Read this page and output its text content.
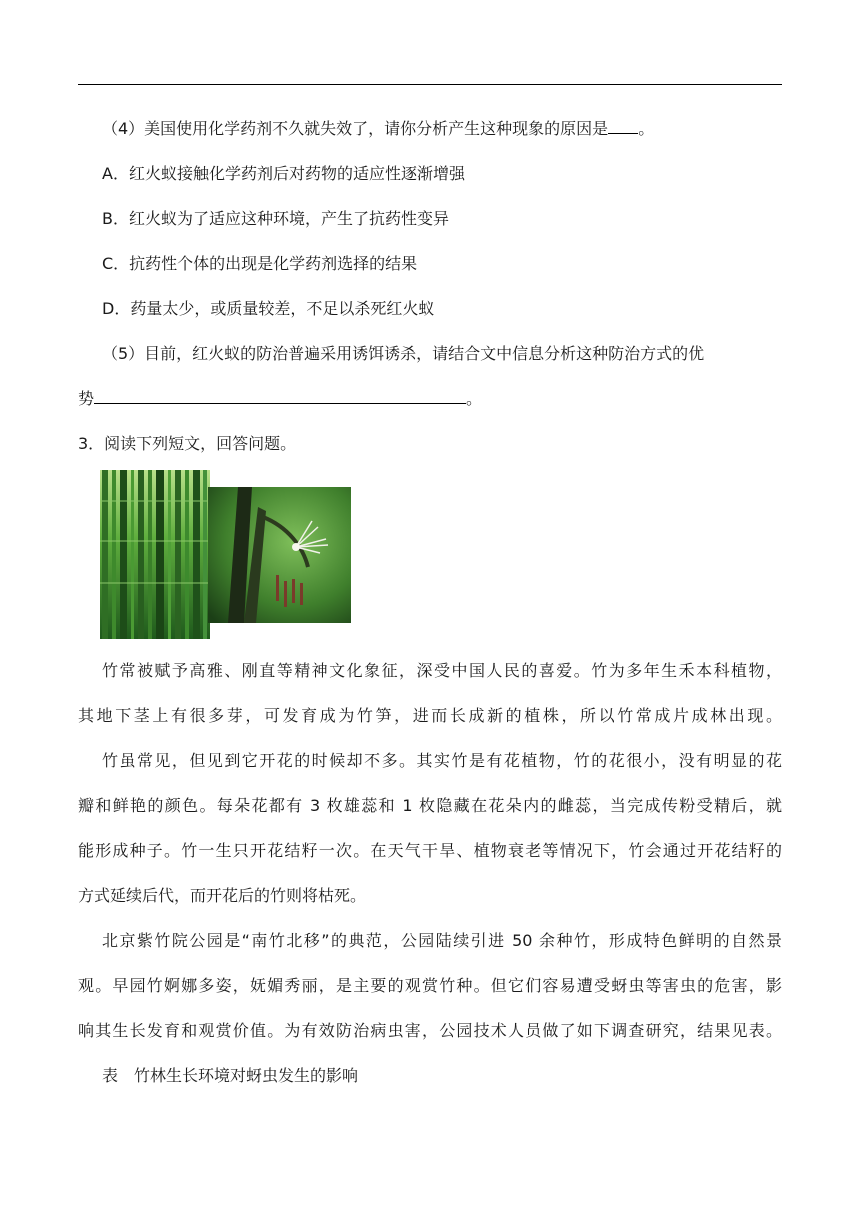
（4）美国使用化学药剂不久就失效了，请你分析产生这种现象的原因是 。
A．红火蚁接触化学药剂后对药物的适应性逐渐增强
B．红火蚁为了适应这种环境，产生了抗药性变异
C．抗药性个体的出现是化学药剂选择的结果
D．药量太少，或质量较差，不足以杀死红火蚁
（5）目前，红火蚁的防治普遍采用诱饵诱杀，请结合文中信息分析这种防治方式的优
势	。
3．阅读下列短文，回答问题。
竹常被赋予高雅、刚直等精神文化象征，深受中国人民的喜爱。竹为多年生禾本科植物，
其地下茎上有很多芽，可发育成为竹笋，进而长成新的植株，所以竹常成片成林出现。
竹虽常见，但见到它开花的时候却不多。其实竹是有花植物，竹的花很小，没有明显的花
瓣和鲜艳的颜色。每朵花都有 3 枚雄蕊和 1 枚隐藏在花朵内的雌蕊，当完成传粉受精后，就
能形成种子。竹一生只开花结籽一次。在天气干旱、植物衰老等情况下，竹会通过开花结籽的
方式延续后代，而开花后的竹则将枯死。
北京紫竹院公园是“南竹北移”的典范，公园陆续引进 50 余种竹，形成特色鲜明的自然景
观。早园竹婀娜多姿，妩媚秀丽，是主要的观赏竹种。但它们容易遭受蚜虫等害虫的危害，影
响其生长发育和观赏价值。为有效防治病虫害，公园技术人员做了如下调查研究，结果见表。
表　竹林生长环境对蚜虫发生的影响
